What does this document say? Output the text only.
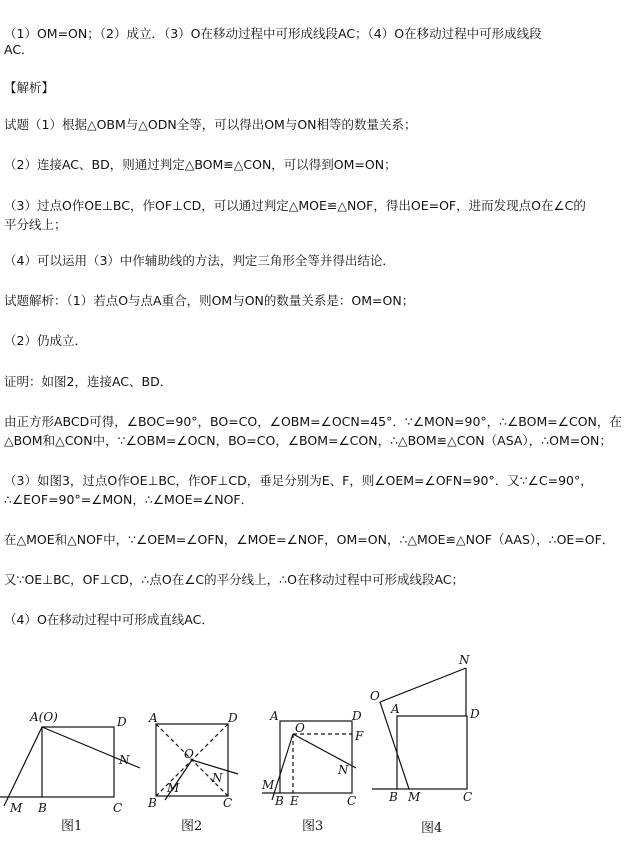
（1）OM=ON；（2）成立．（3）O在移动过程中可形成线段AC；（4）O在移动过程中可形成线段
AC．
【解析】
试题（1）根据△OBM与△ODN全等，可以得出OM与ON相等的数量关系；
（2）连接AC、BD，则通过判定△BOM≌△CON，可以得到OM=ON；
（3）过点O作OE⊥BC，作OF⊥CD，可以通过判定△MOE≌△NOF，得出OE=OF，进而发现点O在∠C的
平分线上；
（4）可以运用（3）中作辅助线的方法，判定三角形全等并得出结论．
试题解析：（1）若点O与点A重合，则OM与ON的数量关系是：OM=ON；
（2）仍成立．
证明：如图2，连接AC、BD．
由正方形ABCD可得，∠BOC=90°，BO=CO，∠OBM=∠OCN=45°．∵∠MON=90°，∴∠BOM=∠CON，在
△BOM和△CON中，∵∠OBM=∠OCN，BO=CO，∠BOM=∠CON，∴△BOM≌△CON（ASA），∴OM=ON；
（3）如图3，过点O作OE⊥BC，作OF⊥CD，垂足分别为E、F，则∠OEM=∠OFN=90°．又∵∠C=90°，
∴∠EOF=90°=∠MON，∴∠MOE=∠NOF．
在△MOE和△NOF中，∵∠OEM=∠OFN，∠MOE=∠NOF，OM=ON，∴△MOE≌△NOF（AAS），∴OE=OF．
又∵OE⊥BC，OF⊥CD，∴点O在∠C的平分线上，∴O在移动过程中可形成线段AC；
（4）O在移动过程中可形成直线AC．
A(O)	D
N
M B	C
A	D
O
M
N
B	C
A
O
D
F
M
N
B E	C
N
O
A	D
B M	C
图1	图2	图3	图4
